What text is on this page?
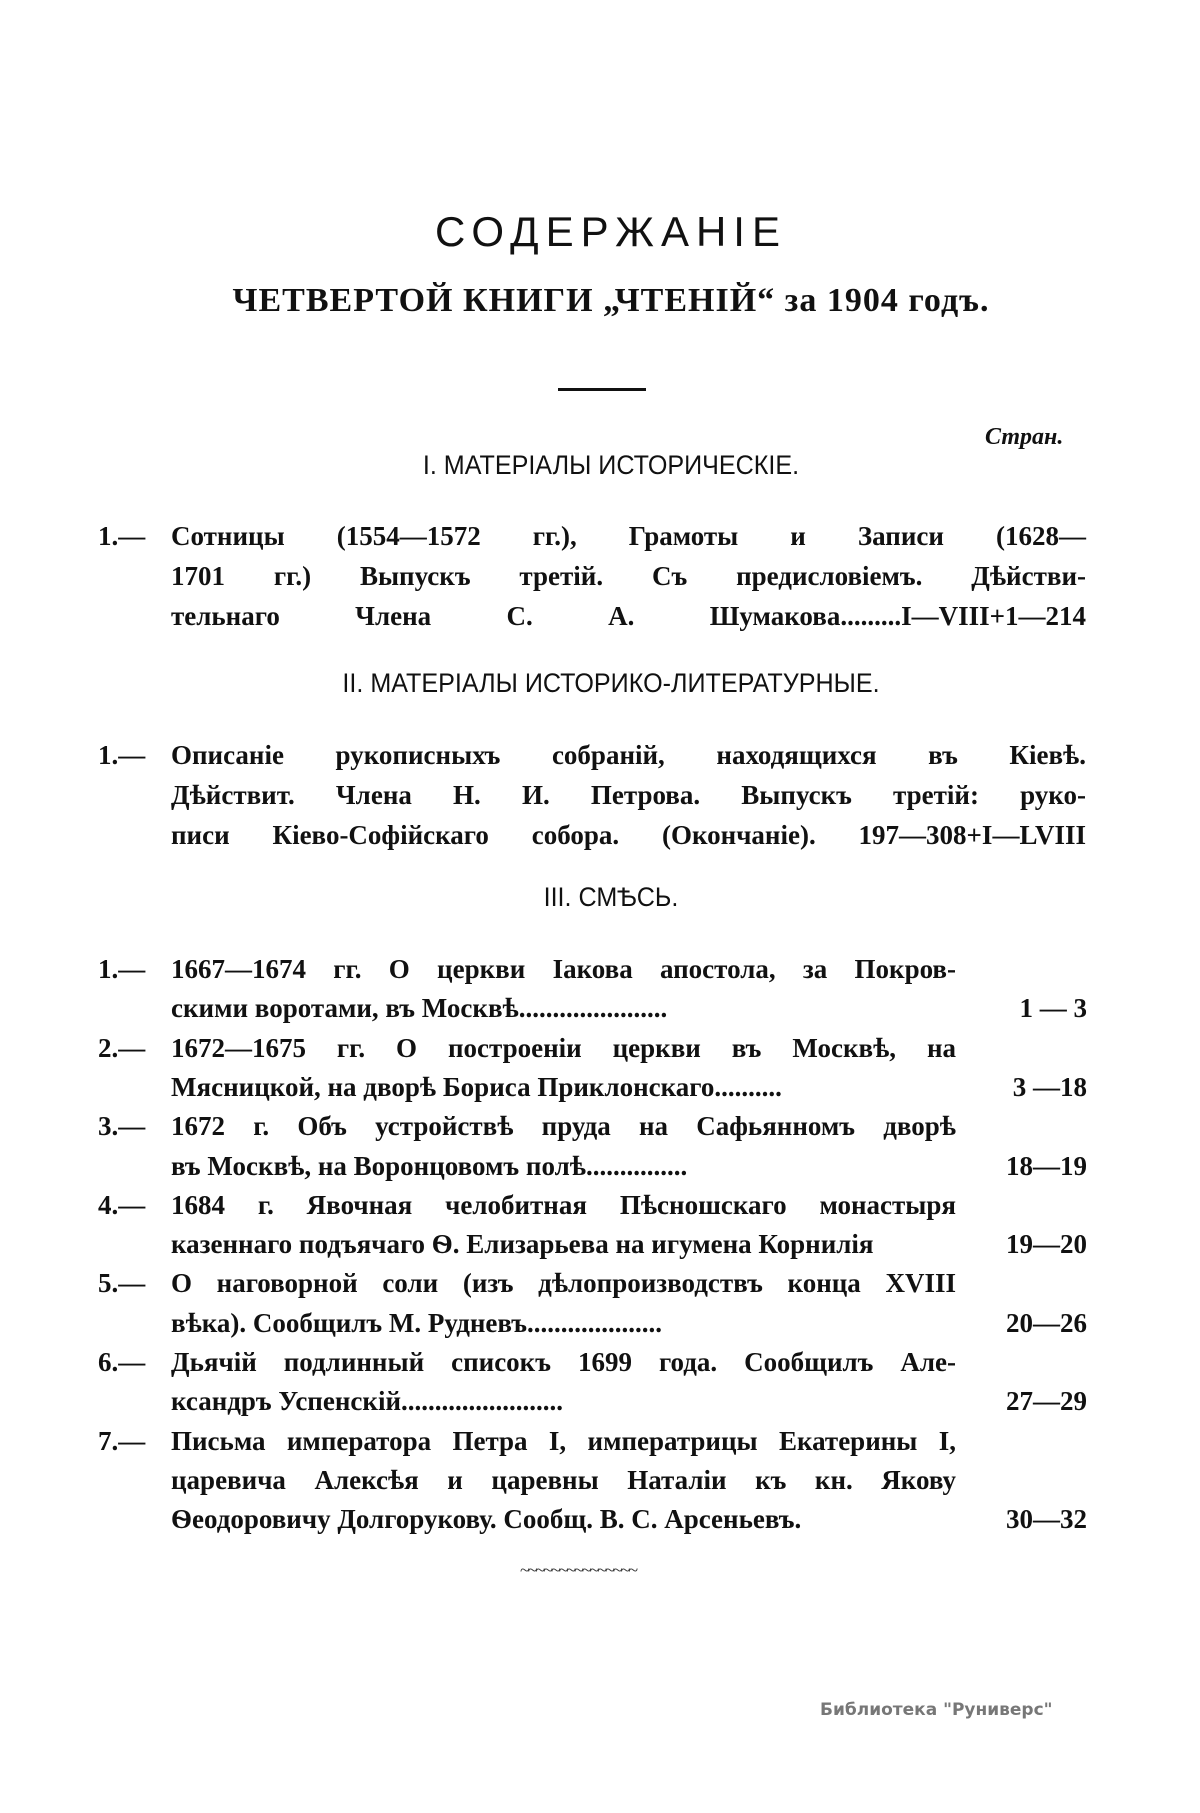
СОДЕРЖАНІЕ
ЧЕТВЕРТОЙ КНИГИ „ЧТЕНІЙ“ за 1904 годъ.
Стран.
I. МАТЕРІАЛЫ ИСТОРИЧЕСКІЕ.
1.— Сотницы (1554—1572 гг.), Грамоты и Записи (1628—
1701 гг.) Выпускъ третій. Съ предисловіемъ. Дѣйстви-
тельнаго Члена С. А. Шумакова.........I—VIII+1—214
II. МАТЕРІАЛЫ ИСТОРИКО-ЛИТЕРАТУРНЫЕ.
1.— Описаніе рукописныхъ собраній, находящихся въ Кіевѣ.
Дѣйствит. Члена Н. И. Петрова. Выпускъ третій: руко-
писи Кіево-Софійскаго собора. (Окончаніе). 197—308+I—LVIII
III. СМѢСЬ.
1.— 1667—1674 гг. О церкви Іакова апостола, за Покров-
скими воротами, въ Москвѣ......................	1 — 3
2.— 1672—1675 гг. О построеніи церкви въ Москвѣ, на
Мясницкой, на дворѣ Бориса Приклонскаго..........	3 —18
3.— 1672 г. Объ устройствѣ пруда на Сафьянномъ дворѣ
въ Москвѣ, на Воронцовомъ полѣ...............	18—19
4.— 1684 г. Явочная челобитная Пѣсношскаго монастыря
казеннаго подъячаго Ѳ. Елизарьева на игумена Корнилія	19—20
5.— О наговорной соли (изъ дѣлопроизводствъ конца XVIII
вѣка). Сообщилъ М. Рудневъ....................	20—26
6.— Дьячій подлинный списокъ 1699 года. Сообщилъ Але-
ксандръ Успенскій........................	27—29
7.— Письма императора Петра I, императрицы Екатерины I,
царевича Алексѣя и царевны Наталіи къ кн. Якову
Ѳеодоровичу Долгорукову. Сообщ. В. С. Арсеньевъ.	30—32
~~~~~~~~~~~~~~~
Библиотека "Руниверс"
